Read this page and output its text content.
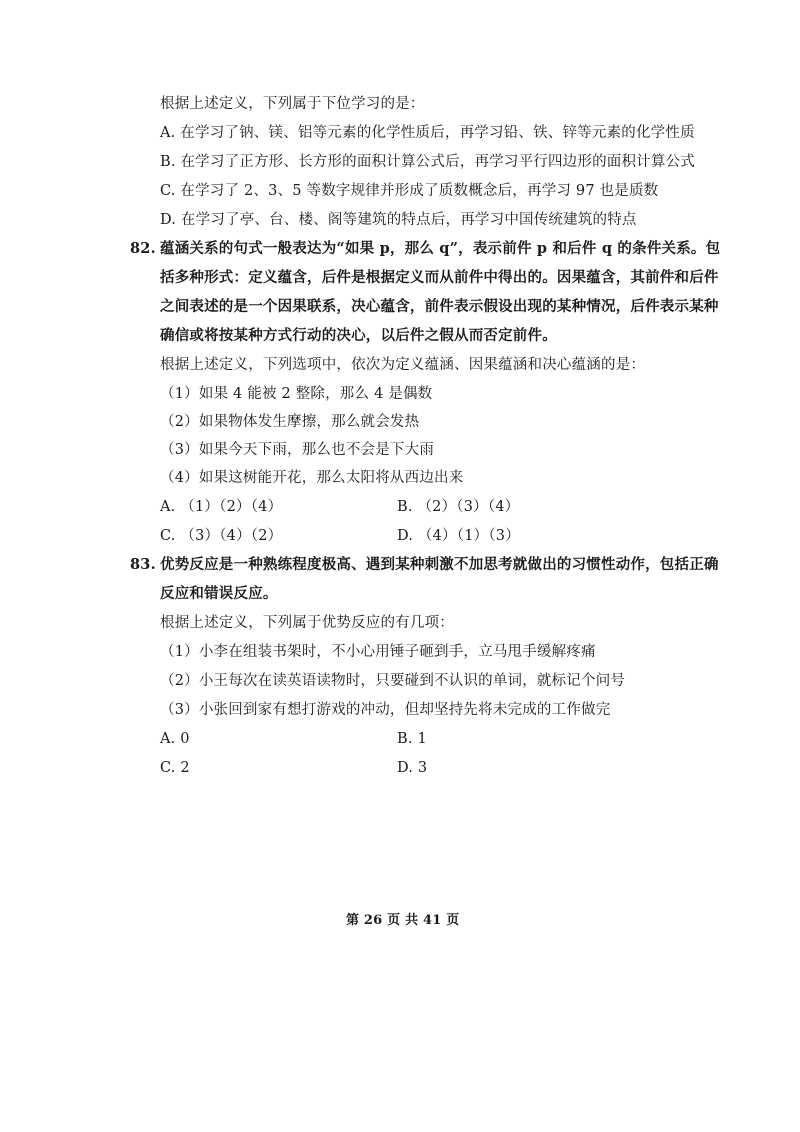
根据上述定义，下列属于下位学习的是：
A. 在学习了钠、镁、铝等元素的化学性质后，再学习铅、铁、锌等元素的化学性质
B. 在学习了正方形、长方形的面积计算公式后，再学习平行四边形的面积计算公式
C. 在学习了 2、3、5 等数字规律并形成了质数概念后，再学习 97 也是质数
D. 在学习了亭、台、楼、阁等建筑的特点后，再学习中国传统建筑的特点
82. 蕴涵关系的句式一般表达为“如果 p，那么 q”，表示前件 p 和后件 q 的条件关系。包
括多种形式：定义蕴含，后件是根据定义而从前件中得出的。因果蕴含，其前件和后件
之间表述的是一个因果联系，决心蕴含，前件表示假设出现的某种情况，后件表示某种
确信或将按某种方式行动的决心，以后件之假从而否定前件。
根据上述定义，下列选项中，依次为定义蕴涵、因果蕴涵和决心蕴涵的是：
（1）如果 4 能被 2 整除，那么 4 是偶数
（2）如果物体发生摩擦，那么就会发热
（3）如果今天下雨，那么也不会是下大雨
（4）如果这树能开花，那么太阳将从西边出来
A. （1）（2）（4）	B. （2）（3）（4）
C. （3）（4）（2）	D. （4）（1）（3）
83. 优势反应是一种熟练程度极高、遇到某种刺激不加思考就做出的习惯性动作，包括正确
反应和错误反应。
根据上述定义，下列属于优势反应的有几项：
（1）小李在组装书架时，不小心用锤子砸到手，立马甩手缓解疼痛
（2）小王每次在读英语读物时，只要碰到不认识的单词，就标记个问号
（3）小张回到家有想打游戏的冲动，但却坚持先将未完成的工作做完
A. 0	B. 1
C. 2	D. 3
第 26 页 共 41 页
